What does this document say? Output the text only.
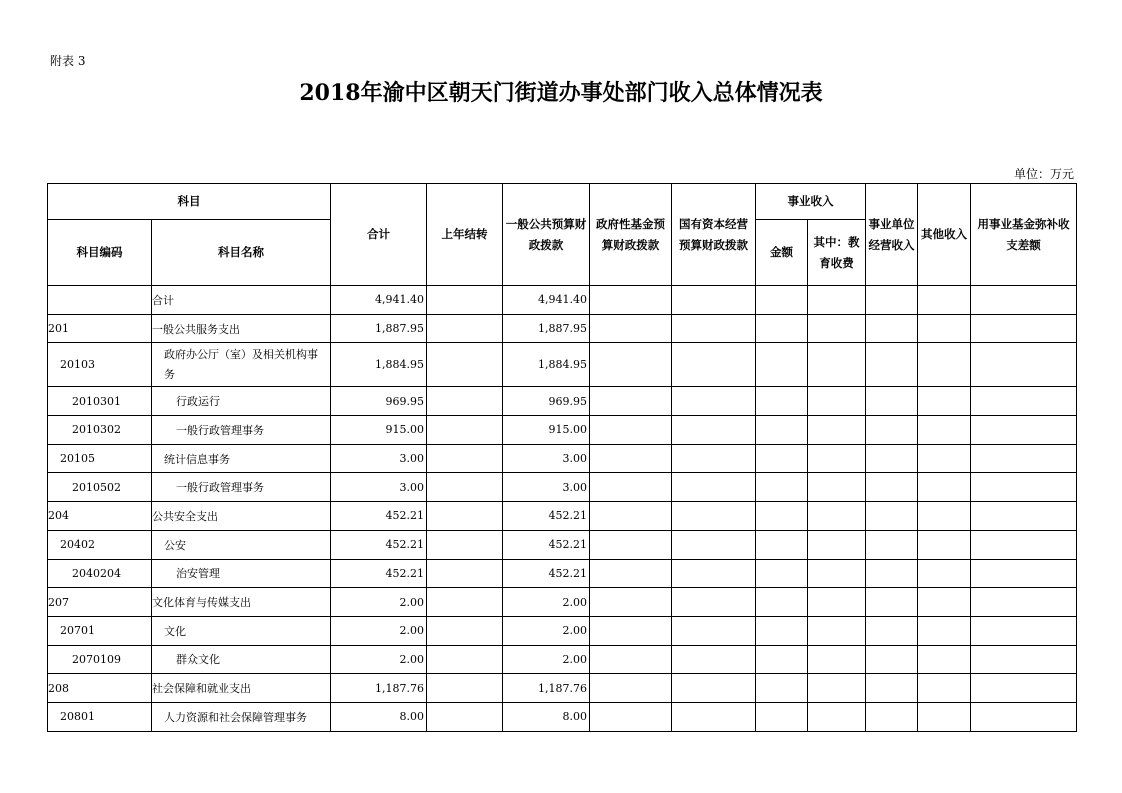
附表 3
2018年渝中区朝天门街道办事处部门收入总体情况表
单位：万元
科目		合计	上年结转	一般公共预算财政拨款	政府性基金预算财政拨款	国有资本经营预算财政拨款	事业收入		事业单位经营收入	其他收入	用事业基金弥补收支差额
科目编码	科目名称						金额	其中：教育收费			
	合计	4,941.40		4,941.40							
201	一般公共服务支出	1,887.95		1,887.95							
20103	政府办公厅（室）及相关机构事务	1,884.95		1,884.95							
2010301	行政运行	969.95		969.95							
2010302	一般行政管理事务	915.00		915.00							
20105	统计信息事务	3.00		3.00							
2010502	一般行政管理事务	3.00		3.00							
204	公共安全支出	452.21		452.21							
20402	公安	452.21		452.21							
2040204	治安管理	452.21		452.21							
207	文化体育与传媒支出	2.00		2.00							
20701	文化	2.00		2.00							
2070109	群众文化	2.00		2.00							
208	社会保障和就业支出	1,187.76		1,187.76							
20801	人力资源和社会保障管理事务	8.00		8.00							
